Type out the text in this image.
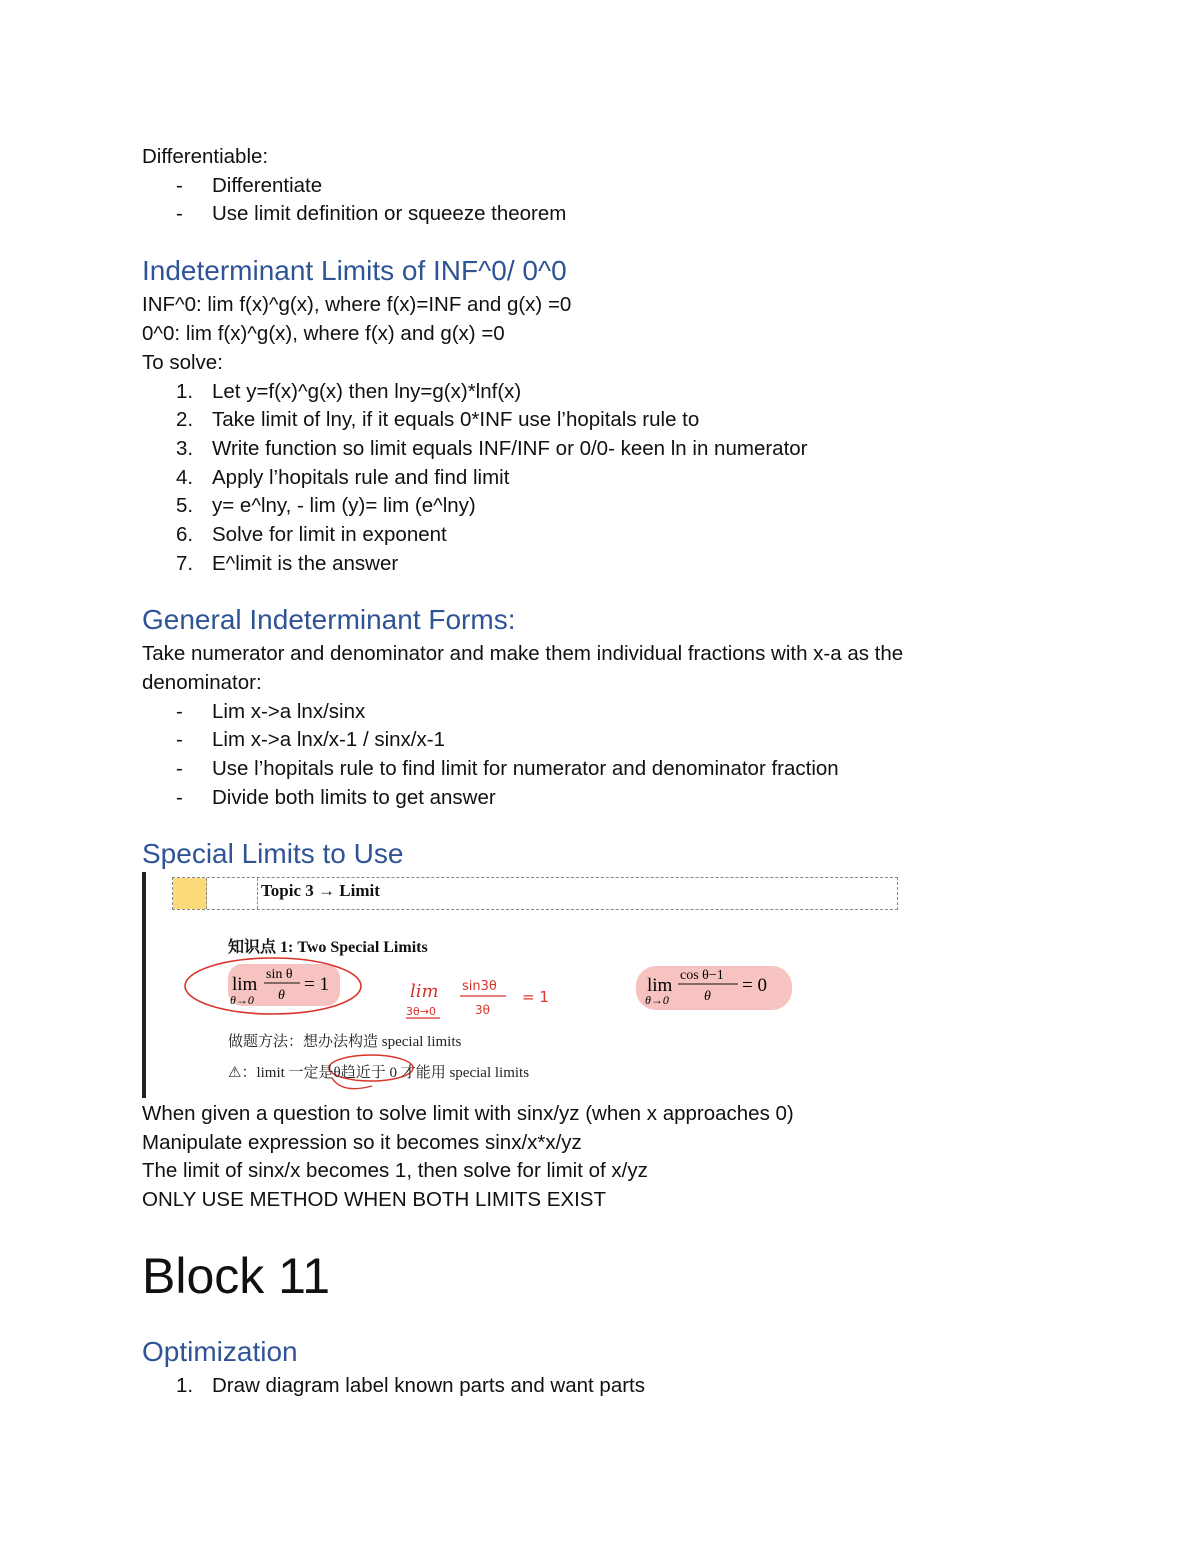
Differentiable:
-	Differentiate
-	Use limit definition or squeeze theorem
Indeterminant Limits of INF^0/ 0^0
INF^0: lim f(x)^g(x), where f(x)=INF and g(x) =0
0^0: lim f(x)^g(x), where f(x) and g(x) =0
To solve:
1. Let y=f(x)^g(x) then lny=g(x)*lnf(x)
2. Take limit of lny, if it equals 0*INF use l’hopitals rule to
3. Write function so limit equals INF/INF or 0/0- keen ln in numerator
4. Apply l’hopitals rule and find limit
5. y= e^lny, - lim (y)= lim (e^lny)
6. Solve for limit in exponent
7. E^limit is the answer
General Indeterminant Forms:
Take numerator and denominator and make them individual fractions with x-a as the
denominator:
-	Lim x->a lnx/sinx
-	Lim x->a lnx/x-1 / sinx/x-1
-	Use l’hopitals rule to find limit for numerator and denominator fraction
-	Divide both limits to get answer
Special Limits to Use
Topic 3 → Limit
知识点 1: Two Special Limits
lim
θ→0
sin θ
θ
= 1	lim
3θ→0
sin3θ
3θ
= 1
lim
θ→0
cos θ−1
θ
= 0
做题方法：想办法构造 special limits
⚠：limit 一定是θ趋近于 0 才能用 special limits
When given a question to solve limit with sinx/yz (when x approaches 0)
Manipulate expression so it becomes sinx/x*x/yz
The limit of sinx/x becomes 1, then solve for limit of x/yz
ONLY USE METHOD WHEN BOTH LIMITS EXIST
Block 11
Optimization
1. Draw diagram label known parts and want parts
